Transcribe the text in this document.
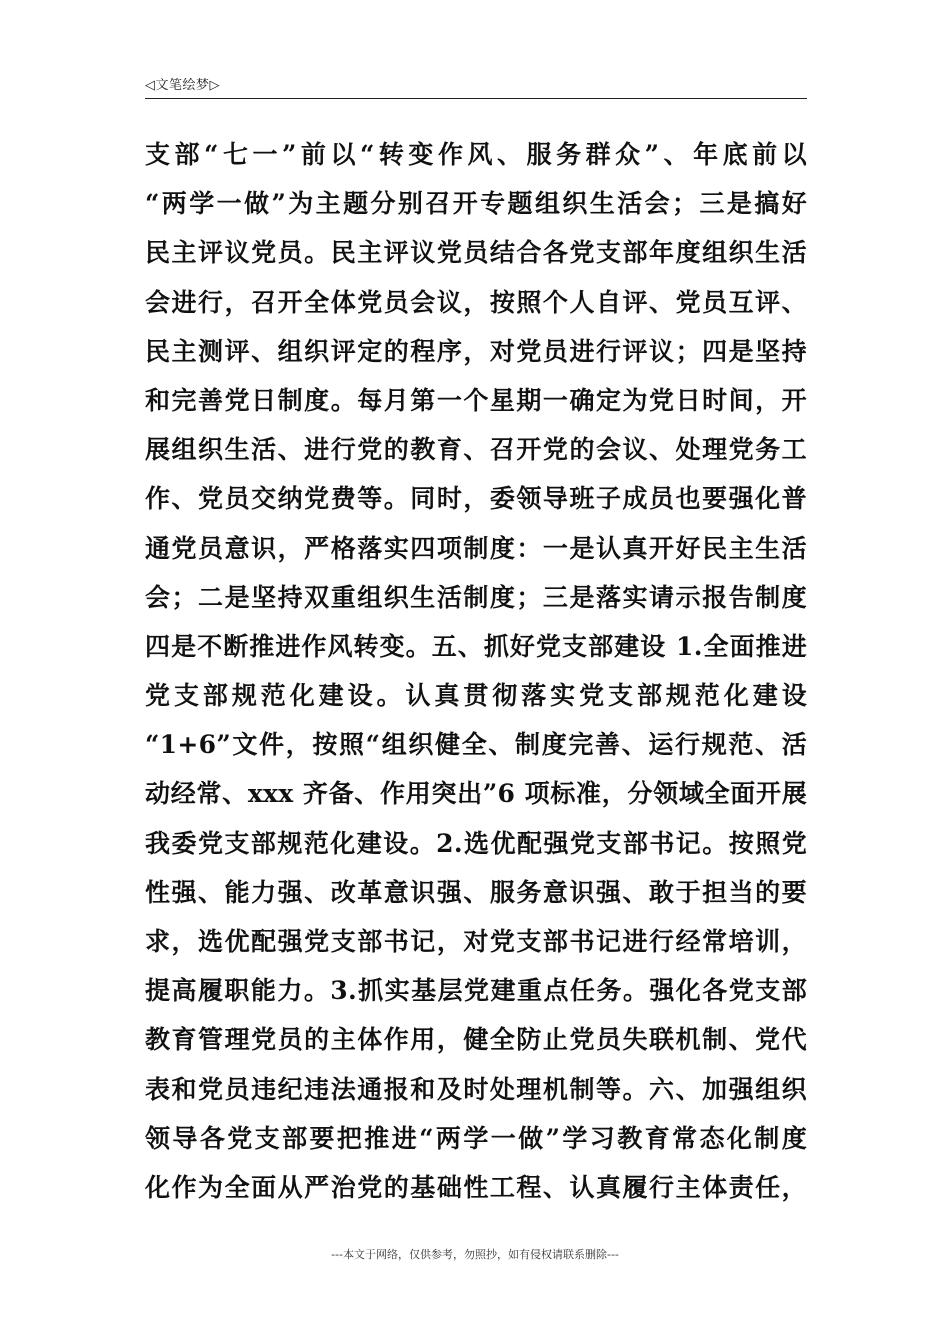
◁文笔绘梦▷
支部“七一”前以“转变作风、服务群众”、年底前以
“两学一做”为主题分别召开专题组织生活会；三是搞好
民主评议党员。民主评议党员结合各党支部年度组织生活
会进行，召开全体党员会议，按照个人自评、党员互评、
民主测评、组织评定的程序，对党员进行评议；四是坚持
和完善党日制度。每月第一个星期一确定为党日时间，开
展组织生活、进行党的教育、召开党的会议、处理党务工
作、党员交纳党费等。同时，委领导班子成员也要强化普
通党员意识，严格落实四项制度：一是认真开好民主生活
会；二是坚持双重组织生活制度；三是落实请示报告制度
四是不断推进作风转变。五、抓好党支部建设 1.全面推进
党支部规范化建设。认真贯彻落实党支部规范化建设
“1+6”文件，按照“组织健全、制度完善、运行规范、活
动经常、xxx 齐备、作用突出”6 项标准，分领域全面开展
我委党支部规范化建设。2.选优配强党支部书记。按照党
性强、能力强、改革意识强、服务意识强、敢于担当的要
求，选优配强党支部书记，对党支部书记进行经常培训，
提高履职能力。3.抓实基层党建重点任务。强化各党支部
教育管理党员的主体作用，健全防止党员失联机制、党代
表和党员违纪违法通报和及时处理机制等。六、加强组织
领导各党支部要把推进“两学一做”学习教育常态化制度
化作为全面从严治党的基础性工程、认真履行主体责任，
---本文于网络，仅供参考，勿照抄，如有侵权请联系删除---
